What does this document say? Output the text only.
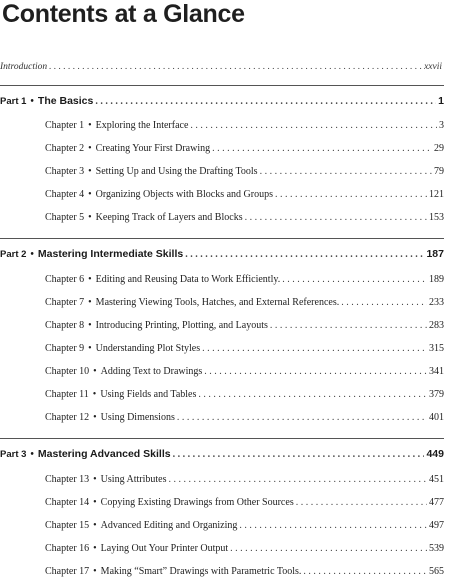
Contents at a Glance
Introduction . . .	xxvii
Part 1 • The Basics . . .	1
Chapter 1 • Exploring the Interface . . .	3
Chapter 2 • Creating Your First Drawing . . .	29
Chapter 3 • Setting Up and Using the Drafting Tools . . .	79
Chapter 4 • Organizing Objects with Blocks and Groups . . .	121
Chapter 5 • Keeping Track of Layers and Blocks . . .	153
Part 2 • Mastering Intermediate Skills . . .	187
Chapter 6 • Editing and Reusing Data to Work Efficiently. . . .	189
Chapter 7 • Mastering Viewing Tools, Hatches, and External References. . . .	233
Chapter 8 • Introducing Printing, Plotting, and Layouts . . .	283
Chapter 9 • Understanding Plot Styles . . .	315
Chapter 10 • Adding Text to Drawings . . .	341
Chapter 11 • Using Fields and Tables . . .	379
Chapter 12 • Using Dimensions . . .	401
Part 3 • Mastering Advanced Skills . . .	449
Chapter 13 • Using Attributes . . .	451
Chapter 14 • Copying Existing Drawings from Other Sources . . .	477
Chapter 15 • Advanced Editing and Organizing . . .	497
Chapter 16 • Laying Out Your Printer Output . . .	539
Chapter 17 • Making “Smart” Drawings with Parametric Tools. . . .	565
